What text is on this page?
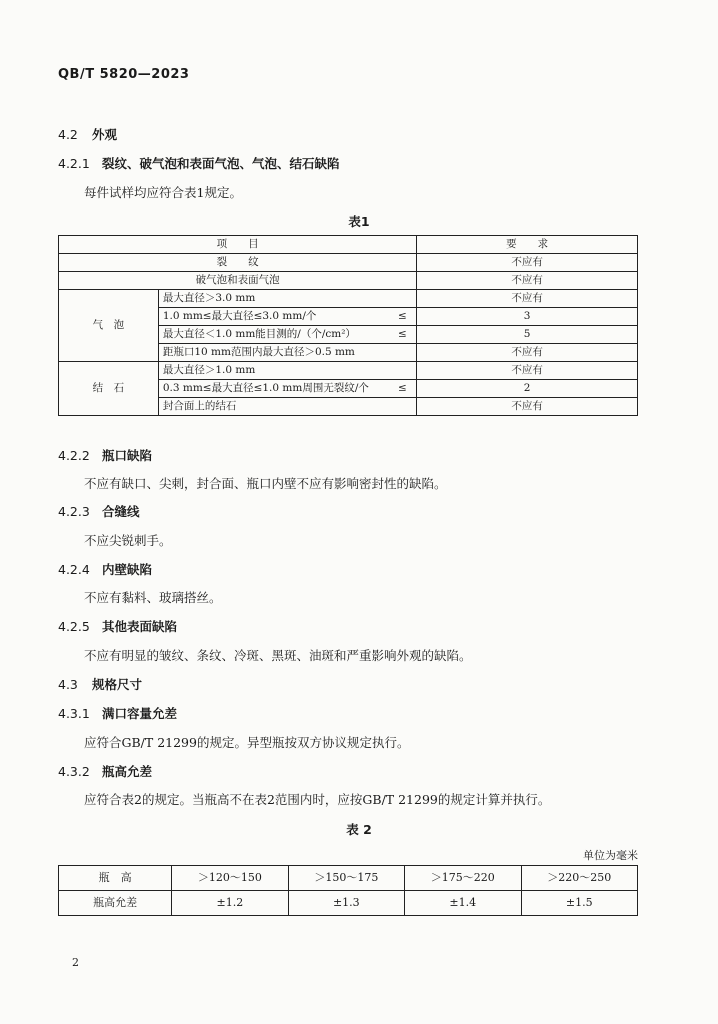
QB/T 5820—2023
4.2 外观
4.2.1 裂纹、破气泡和表面气泡、气泡、结石缺陷
每件试样均应符合表1规定。
表1
项　　目			要　　求
裂　　纹			不应有
破气泡和表面气泡			不应有
气　泡	最大直径＞3.0 mm		不应有
	1.0 mm≤最大直径≤3.0 mm/个	≤	3
	最大直径＜1.0 mm能目测的/（个/cm²）	≤	5
	距瓶口10 mm范围内最大直径＞0.5 mm		不应有
结　石	最大直径＞1.0 mm		不应有
	0.3 mm≤最大直径≤1.0 mm周围无裂纹/个	≤	2
	封合面上的结石		不应有
4.2.2 瓶口缺陷
不应有缺口、尖刺，封合面、瓶口内壁不应有影响密封性的缺陷。
4.2.3 合缝线
不应尖锐刺手。
4.2.4 内壁缺陷
不应有黏料、玻璃搭丝。
4.2.5 其他表面缺陷
不应有明显的皱纹、条纹、冷斑、黑斑、油斑和严重影响外观的缺陷。
4.3 规格尺寸
4.3.1 满口容量允差
应符合GB/T 21299的规定。异型瓶按双方协议规定执行。
4.3.2 瓶高允差
应符合表2的规定。当瓶高不在表2范围内时，应按GB/T 21299的规定计算并执行。
表 2
单位为毫米
瓶　高	＞120～150	＞150～175	＞175～220	＞220～250
瓶高允差	±1.2	±1.3	±1.4	±1.5
2
